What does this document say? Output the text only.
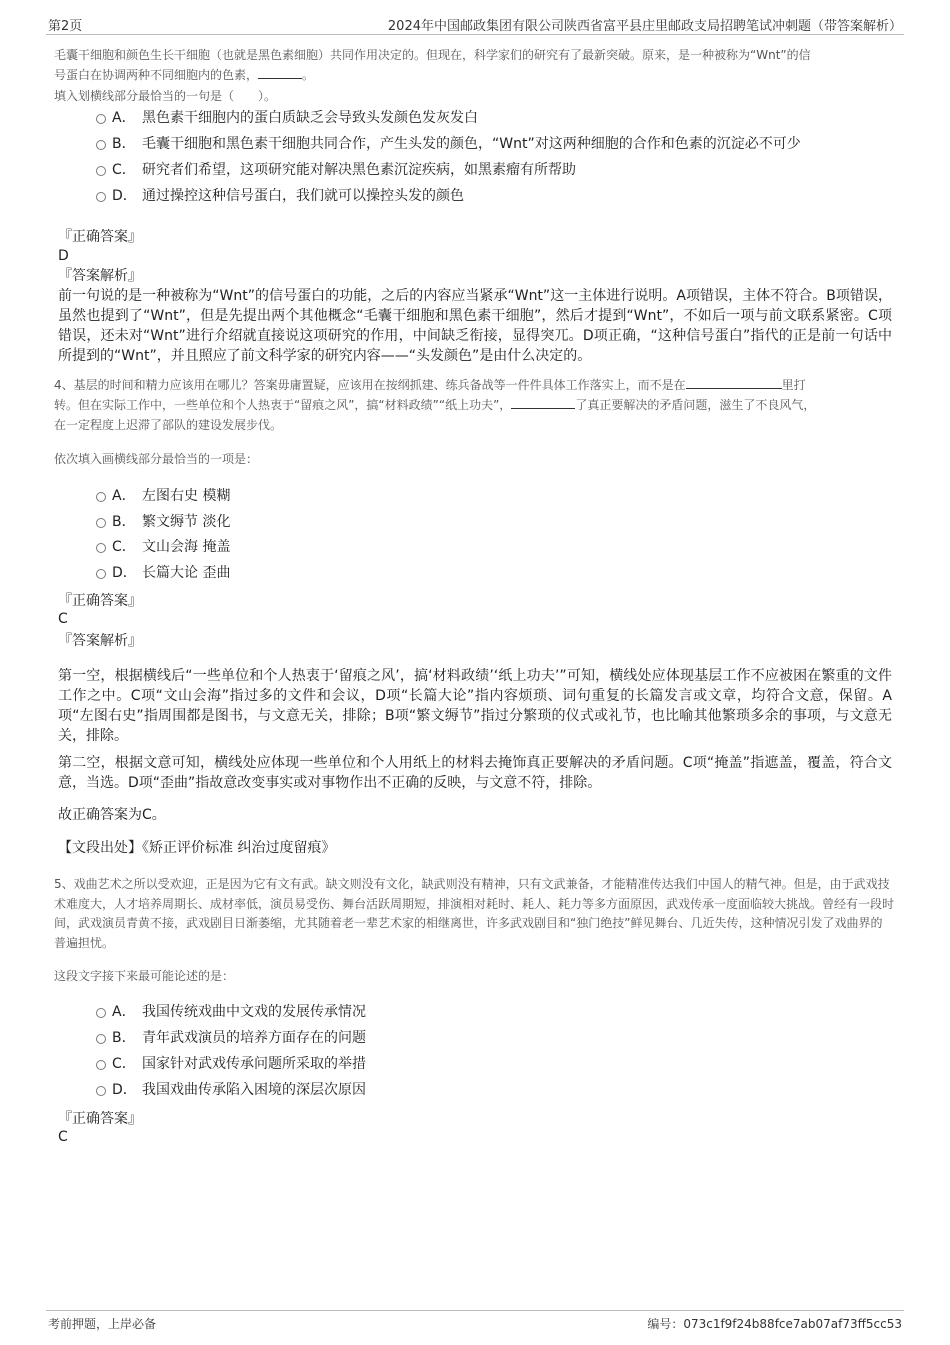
第2页	2024年中国邮政集团有限公司陕西省富平县庄里邮政支局招聘笔试冲刺题（带答案解析）

毛囊干细胞和颜色生长干细胞（也就是黑色素细胞）共同作用决定的。但现在，科学家们的研究有了最新突破。原来，是一种被称为“Wnt”的信

号蛋白在协调两种不同细胞内的色素，	。

填入划横线部分最恰当的一句是（　　）。

A． 黑色素干细胞内的蛋白质缺乏会导致头发颜色发灰发白
B． 毛囊干细胞和黑色素干细胞共同合作，产生头发的颜色，“Wnt”对这两种细胞的合作和色素的沉淀必不可少
C． 研究者们希望，这项研究能对解决黑色素沉淀疾病，如黑素瘤有所帮助
D． 通过操控这种信号蛋白，我们就可以操控头发的颜色

『正确答案』

D

『答案解析』

前一句说的是一种被称为“Wnt”的信号蛋白的功能，之后的内容应当紧承“Wnt”这一主体进行说明。A项错误，主体不符合。B项错误，虽然也提到了“Wnt”，但是先提出两个其他概念“毛囊干细胞和黑色素干细胞”，然后才提到“Wnt”，不如后一项与前文联系紧密。C项错误，还未对“Wnt”进行介绍就直接说这项研究的作用，中间缺乏衔接，显得突兀。D项正确，“这种信号蛋白”指代的正是前一句话中所提到的“Wnt”，并且照应了前文科学家的研究内容——“头发颜色”是由什么决定的。

4、基层的时间和精力应该用在哪儿？答案毋庸置疑，应该用在按纲抓建、练兵备战等一件件具体工作落实上，而不是在	里打

转。但在实际工作中，一些单位和个人热衷于“留痕之风”，搞“材料政绩”“纸上功夫”，	了真正要解决的矛盾问题，滋生了不良风气，

在一定程度上迟滞了部队的建设发展步伐。

依次填入画横线部分最恰当的一项是：

A． 左图右史 模糊
B． 繁文缛节 淡化
C． 文山会海 掩盖
D． 长篇大论 歪曲

『正确答案』

C

『答案解析』

第一空，根据横线后“一些单位和个人热衷于‘留痕之风’，搞‘材料政绩’‘纸上功夫’”可知，横线处应体现基层工作不应被困在繁重的文件工作之中。C项“文山会海”指过多的文件和会议，D项“长篇大论”指内容烦琐、词句重复的长篇发言或文章，均符合文意，保留。A项“左图右史”指周围都是图书，与文意无关，排除；B项“繁文缛节”指过分繁琐的仪式或礼节，也比喻其他繁琐多余的事项，与文意无关，排除。

第二空，根据文意可知，横线处应体现一些单位和个人用纸上的材料去掩饰真正要解决的矛盾问题。C项“掩盖”指遮盖，覆盖，符合文意，当选。D项“歪曲”指故意改变事实或对事物作出不正确的反映，与文意不符，排除。

故正确答案为C。

【文段出处】《矫正评价标准 纠治过度留痕》

5、戏曲艺术之所以受欢迎，正是因为它有文有武。缺文则没有文化，缺武则没有精神，只有文武兼备，才能精准传达我们中国人的精气神。但是，由于武戏技术难度大，人才培养周期长、成材率低，演员易受伤、舞台活跃周期短，排演相对耗时、耗人、耗力等多方面原因，武戏传承一度面临较大挑战。曾经有一段时间，武戏演员青黄不接，武戏剧目日渐萎缩，尤其随着老一辈艺术家的相继离世，许多武戏剧目和“独门绝技”鲜见舞台、几近失传，这种情况引发了戏曲界的普遍担忧。

这段文字接下来最可能论述的是：

A． 我国传统戏曲中文戏的发展传承情况
B． 青年武戏演员的培养方面存在的问题
C． 国家针对武戏传承问题所采取的举措
D． 我国戏曲传承陷入困境的深层次原因

『正确答案』

C

考前押题，上岸必备	编号：073c1f9f24b88fce7ab07af73ff5cc53
